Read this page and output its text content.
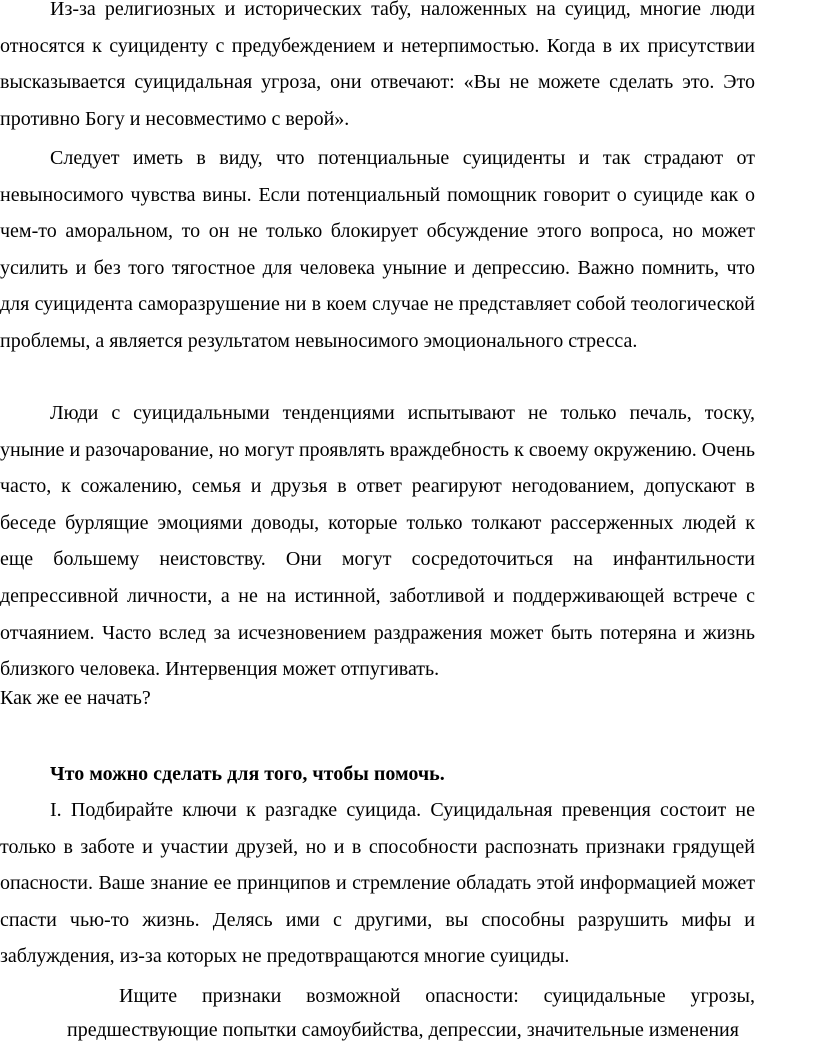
Из-за религиозных и исторических табу, наложенных на суицид, многие люди относятся к суициденту с предубеждением и нетерпимостью. Когда в их присутствии высказывается суицидальная угроза, они отвечают: «Вы не можете сделать это. Это противно Богу и несовместимо с верой».

Следует иметь в виду, что потенциальные суициденты и так страдают от невыносимого чувства вины. Если потенциальный помощник говорит о суициде как о чем-то аморальном, то он не только блокирует обсуждение этого вопроса, но может усилить и без того тягостное для человека уныние и депрессию. Важно помнить, что для суицидента саморазрушение ни в коем случае не представляет собой теологической проблемы, а является результатом невыносимого эмоционального стресса.

Люди с суицидальными тенденциями испытывают не только печаль, тоску, уныние и разочарование, но могут проявлять враждебность к своему окружению. Очень часто, к сожалению, семья и друзья в ответ реагируют негодованием, допускают в беседе бурлящие эмоциями доводы, которые только толкают рассерженных людей к еще большему неистовству. Они могут сосредоточиться на инфантильности депрессивной личности, а не на истинной, заботливой и поддерживающей встрече с отчаянием. Часто вслед за исчезновением раздражения может быть потеряна и жизнь близкого человека. Интервенция может отпугивать.

Как же ее начать?

Что можно сделать для того, чтобы помочь.

I. Подбирайте ключи к разгадке суицида. Суицидальная превенция состоит не только в заботе и участии друзей, но и в способности распознать признаки грядущей опасности. Ваше знание ее принципов и стремление обладать этой информацией может спасти чью-то жизнь. Делясь ими с другими, вы способны разрушить мифы и заблуждения, из-за которых не предотвращаются многие суициды.

Ищите признаки возможной опасности: суицидальные угрозы, предшествующие попытки самоубийства, депрессии, значительные изменения
